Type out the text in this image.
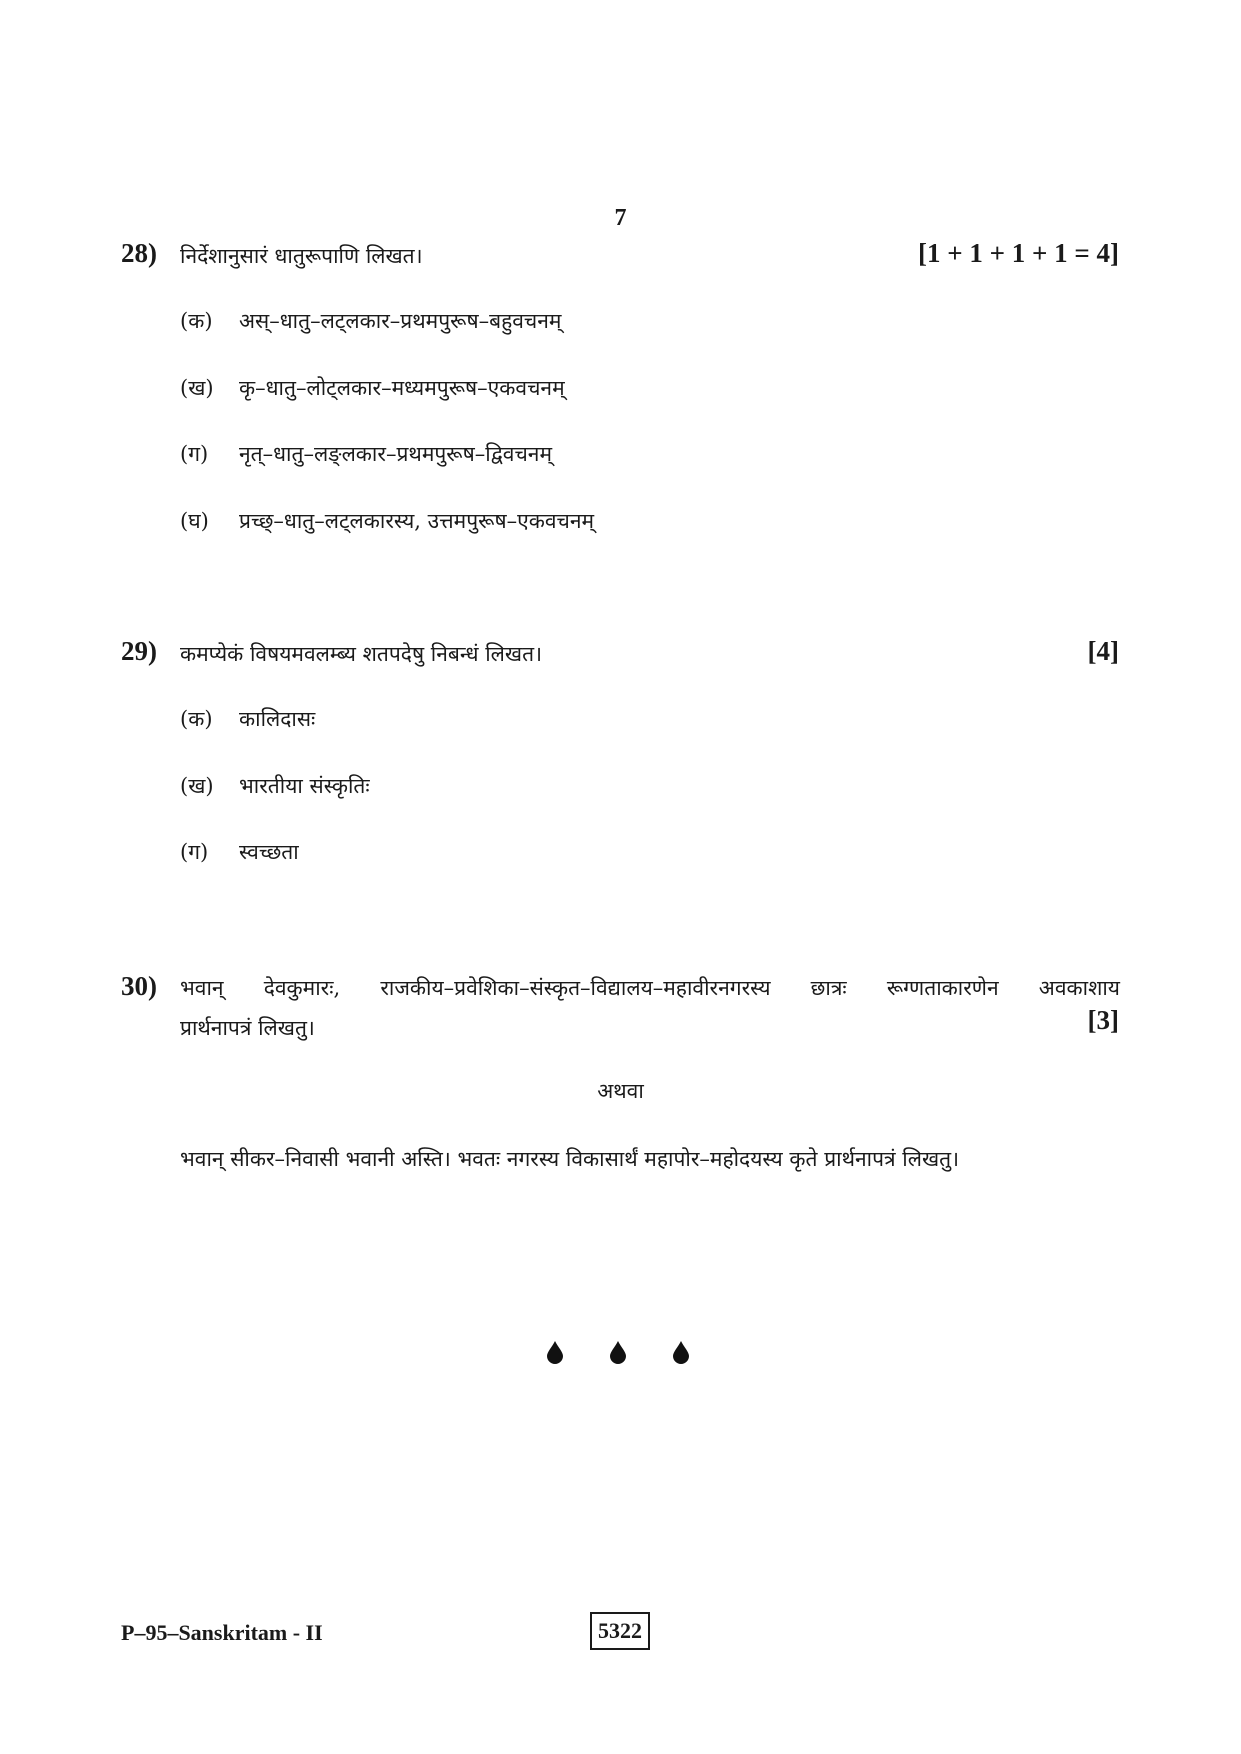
7
28) निर्देशानुसारं धातुरूपाणि लिखत।	[1 + 1 + 1 + 1 = 4]
(क) अस्–धातु–लट्लकार–प्रथमपुरूष–बहुवचनम्
(ख) कृ–धातु–लोट्लकार–मध्यमपुरूष–एकवचनम्
(ग) नृत्–धातु–लङ्लकार–प्रथमपुरूष–द्विवचनम्
(घ) प्रच्छ्–धातु–लट्लकारस्य, उत्तमपुरूष–एकवचनम्
29) कमप्येकं विषयमवलम्ब्य शतपदेषु निबन्धं लिखत।	[4]
(क) कालिदासः
(ख) भारतीया संस्कृतिः
(ग) स्वच्छता
30) भवान् देवकुमारः, राजकीय–प्रवेशिका–संस्कृत–विद्यालय–महावीरनगरस्य छात्रः रूग्णताकारणेन अवकाशाय
प्रार्थनापत्रं लिखतु।	[3]
अथवा
भवान् सीकर–निवासी भवानी अस्ति। भवतः नगरस्य विकासार्थं महापोर–महोदयस्य कृते प्रार्थनापत्रं लिखतु।
P–95–Sanskritam - II	5322
